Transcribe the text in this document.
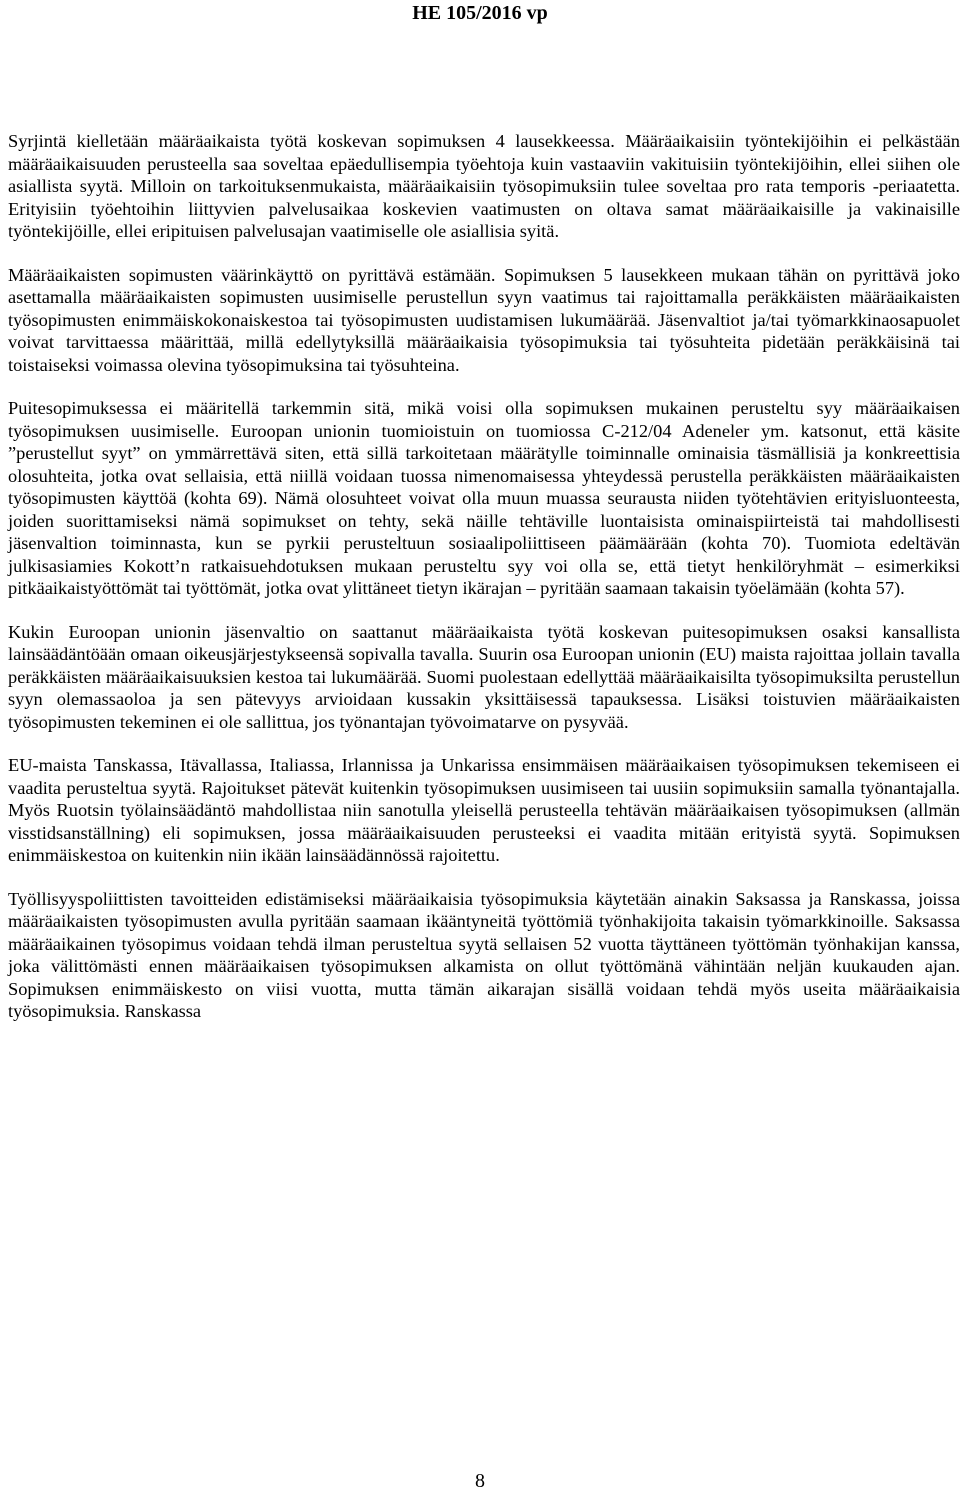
HE 105/2016 vp

Syrjintä kielletään määräaikaista työtä koskevan sopimuksen 4 lausekkeessa. Määräaikaisiin työntekijöihin ei pelkästään määräaikaisuuden perusteella saa soveltaa epäedullisempia työehtoja kuin vastaaviin vakituisiin työntekijöihin, ellei siihen ole asiallista syytä. Milloin on tarkoituksenmukaista, määräaikaisiin työsopimuksiin tulee soveltaa pro rata temporis -periaatetta. Erityisiin työehtoihin liittyvien palvelusaikaa koskevien vaatimusten on oltava samat määräaikaisille ja vakinaisille työntekijöille, ellei eripituisen palvelusajan vaatimiselle ole asiallisia syitä.

Määräaikaisten sopimusten väärinkäyttö on pyrittävä estämään. Sopimuksen 5 lausekkeen mukaan tähän on pyrittävä joko asettamalla määräaikaisten sopimusten uusimiselle perustellun syyn vaatimus tai rajoittamalla peräkkäisten määräaikaisten työsopimusten enimmäiskokonaiskestoa tai työsopimusten uudistamisen lukumäärää. Jäsenvaltiot ja/tai työmarkkinaosapuolet voivat tarvittaessa määrittää, millä edellytyksillä määräaikaisia työsopimuksia tai työsuhteita pidetään peräkkäisinä tai toistaiseksi voimassa olevina työsopimuksina tai työsuhteina.

Puitesopimuksessa ei määritellä tarkemmin sitä, mikä voisi olla sopimuksen mukainen perusteltu syy määräaikaisen työsopimuksen uusimiselle. Euroopan unionin tuomioistuin on tuomiossa C-212/04 Adeneler ym. katsonut, että käsite ”perustellut syyt” on ymmärrettävä siten, että sillä tarkoitetaan määrätylle toiminnalle ominaisia täsmällisiä ja konkreettisia olosuhteita, jotka ovat sellaisia, että niillä voidaan tuossa nimenomaisessa yhteydessä perustella peräkkäisten määräaikaisten työsopimusten käyttöä (kohta 69). Nämä olosuhteet voivat olla muun muassa seurausta niiden työtehtävien erityisluonteesta, joiden suorittamiseksi nämä sopimukset on tehty, sekä näille tehtäville luontaisista ominaispiirteistä tai mahdollisesti jäsenvaltion toiminnasta, kun se pyrkii perusteltuun sosiaalipoliittiseen päämäärään (kohta 70). Tuomiota edeltävän julkisasiamies Kokott’n ratkaisuehdotuksen mukaan perusteltu syy voi olla se, että tietyt henkilöryhmät – esimerkiksi pitkäaikaistyöttömät tai työttömät, jotka ovat ylittäneet tietyn ikärajan – pyritään saamaan takaisin työelämään (kohta 57).

Kukin Euroopan unionin jäsenvaltio on saattanut määräaikaista työtä koskevan puitesopimuksen osaksi kansallista lainsäädäntöään omaan oikeusjärjestykseensä sopivalla tavalla. Suurin osa Euroopan unionin (EU) maista rajoittaa jollain tavalla peräkkäisten määräaikaisuuksien kestoa tai lukumäärää. Suomi puolestaan edellyttää määräaikaisilta työsopimuksilta perustellun syyn olemassaoloa ja sen pätevyys arvioidaan kussakin yksittäisessä tapauksessa. Lisäksi toistuvien määräaikaisten työsopimusten tekeminen ei ole sallittua, jos työnantajan työvoimatarve on pysyvää.

EU-maista Tanskassa, Itävallassa, Italiassa, Irlannissa ja Unkarissa ensimmäisen määräaikaisen työsopimuksen tekemiseen ei vaadita perusteltua syytä. Rajoitukset pätevät kuitenkin työsopimuksen uusimiseen tai uusiin sopimuksiin samalla työnantajalla. Myös Ruotsin työlainsäädäntö mahdollistaa niin sanotulla yleisellä perusteella tehtävän määräaikaisen työsopimuksen (allmän visstidsanställning) eli sopimuksen, jossa määräaikaisuuden perusteeksi ei vaadita mitään erityistä syytä. Sopimuksen enimmäiskestoa on kuitenkin niin ikään lainsäädännössä rajoitettu.

Työllisyyspoliittisten tavoitteiden edistämiseksi määräaikaisia työsopimuksia käytetään ainakin Saksassa ja Ranskassa, joissa määräaikaisten työsopimusten avulla pyritään saamaan ikääntyneitä työttömiä työnhakijoita takaisin työmarkkinoille. Saksassa määräaikainen työsopimus voidaan tehdä ilman perusteltua syytä sellaisen 52 vuotta täyttäneen työttömän työnhakijan kanssa, joka välittömästi ennen määräaikaisen työsopimuksen alkamista on ollut työttömänä vähintään neljän kuukauden ajan. Sopimuksen enimmäiskesto on viisi vuotta, mutta tämän aikarajan sisällä voidaan tehdä myös useita määräaikaisia työsopimuksia. Ranskassa

8
